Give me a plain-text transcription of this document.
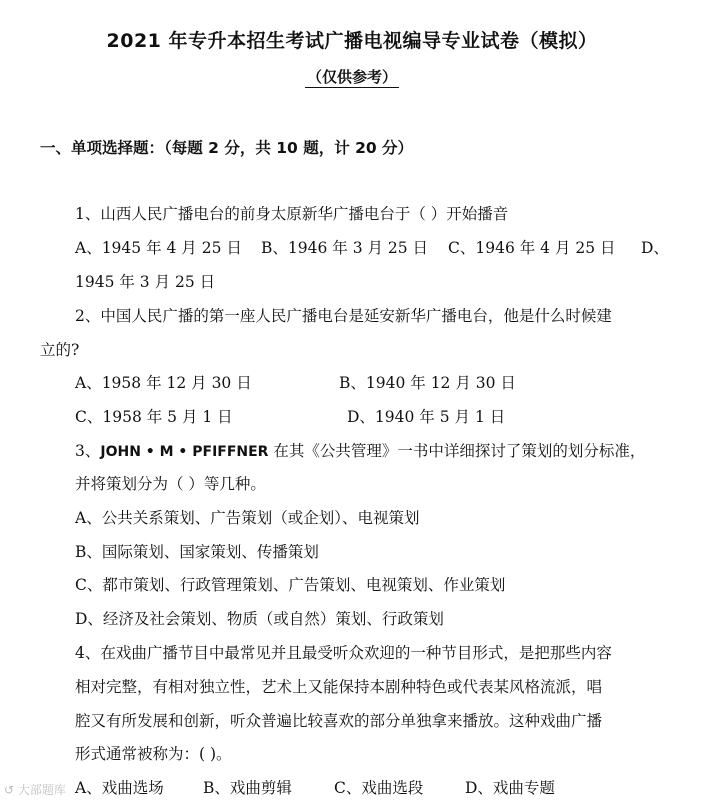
2021 年专升本招生考试广播电视编导专业试卷（模拟）
（仅供参考）
一、单项选择题：（每题 2 分，共 10 题，计 20 分）
1、山西人民广播电台的前身太原新华广播电台于（ ）开始播音
A、1945 年 4 月 25 日 B、1946 年 3 月 25 日 C、1946 年 4 月 25 日 D、
1945 年 3 月 25 日
2、中国人民广播的第一座人民广播电台是延安新华广播电台，他是什么时候建
立的?
A、1958 年 12 月 30 日	B、1940 年 12 月 30 日
C、1958 年 5 月 1 日	D、1940 年 5 月 1 日
3、JOHN • M • PFIFFNER 在其《公共管理》一书中详细探讨了策划的划分标准，
并将策划分为（ ）等几种。
A、公共关系策划、广告策划（或企划）、电视策划
B、国际策划、国家策划、传播策划
C、都市策划、行政管理策划、广告策划、电视策划、作业策划
D、经济及社会策划、物质（或自然）策划、行政策划
4、在戏曲广播节目中最常见并且最受听众欢迎的一种节目形式，是把那些内容
相对完整，有相对独立性，艺术上又能保持本剧种特色或代表某风格流派，唱
腔又有所发展和创新，听众普遍比较喜欢的部分单独拿来播放。这种戏曲广播
形式通常被称为：( )。
A、戏曲选场	B、戏曲剪辑	C、戏曲选段	D、戏曲专题
↺ 大部题库
